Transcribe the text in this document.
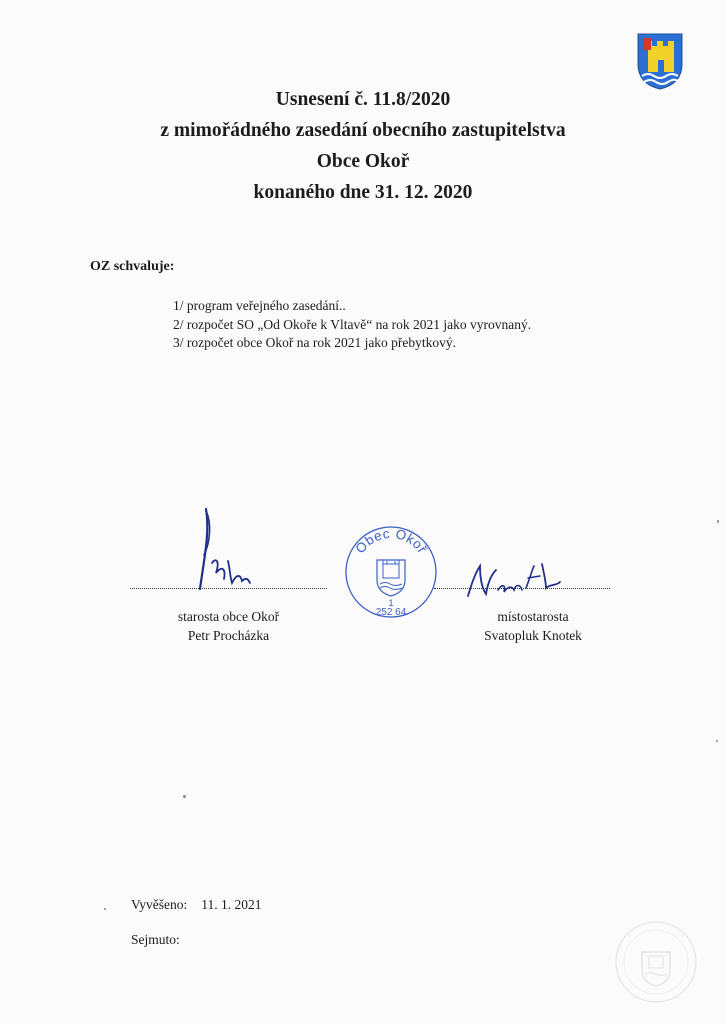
Usnesení č. 11.8/2020
z mimořádného zasedání obecního zastupitelstva
Obce Okoř
konaného dne 31. 12. 2020
OZ schvaluje:
1/ program veřejného zasedání..
2/ rozpočet SO „Od Okoře k Vltavě“ na rok 2021 jako vyrovnaný.
3/ rozpočet obce Okoř na rok 2021 jako přebytkový.
Obec Okoř
1
252 64
starosta obce Okoř
Petr Procházka
místostarosta
Svatopluk Knotek
Vyvěšeno: 11. 1. 2021
Sejmuto:
